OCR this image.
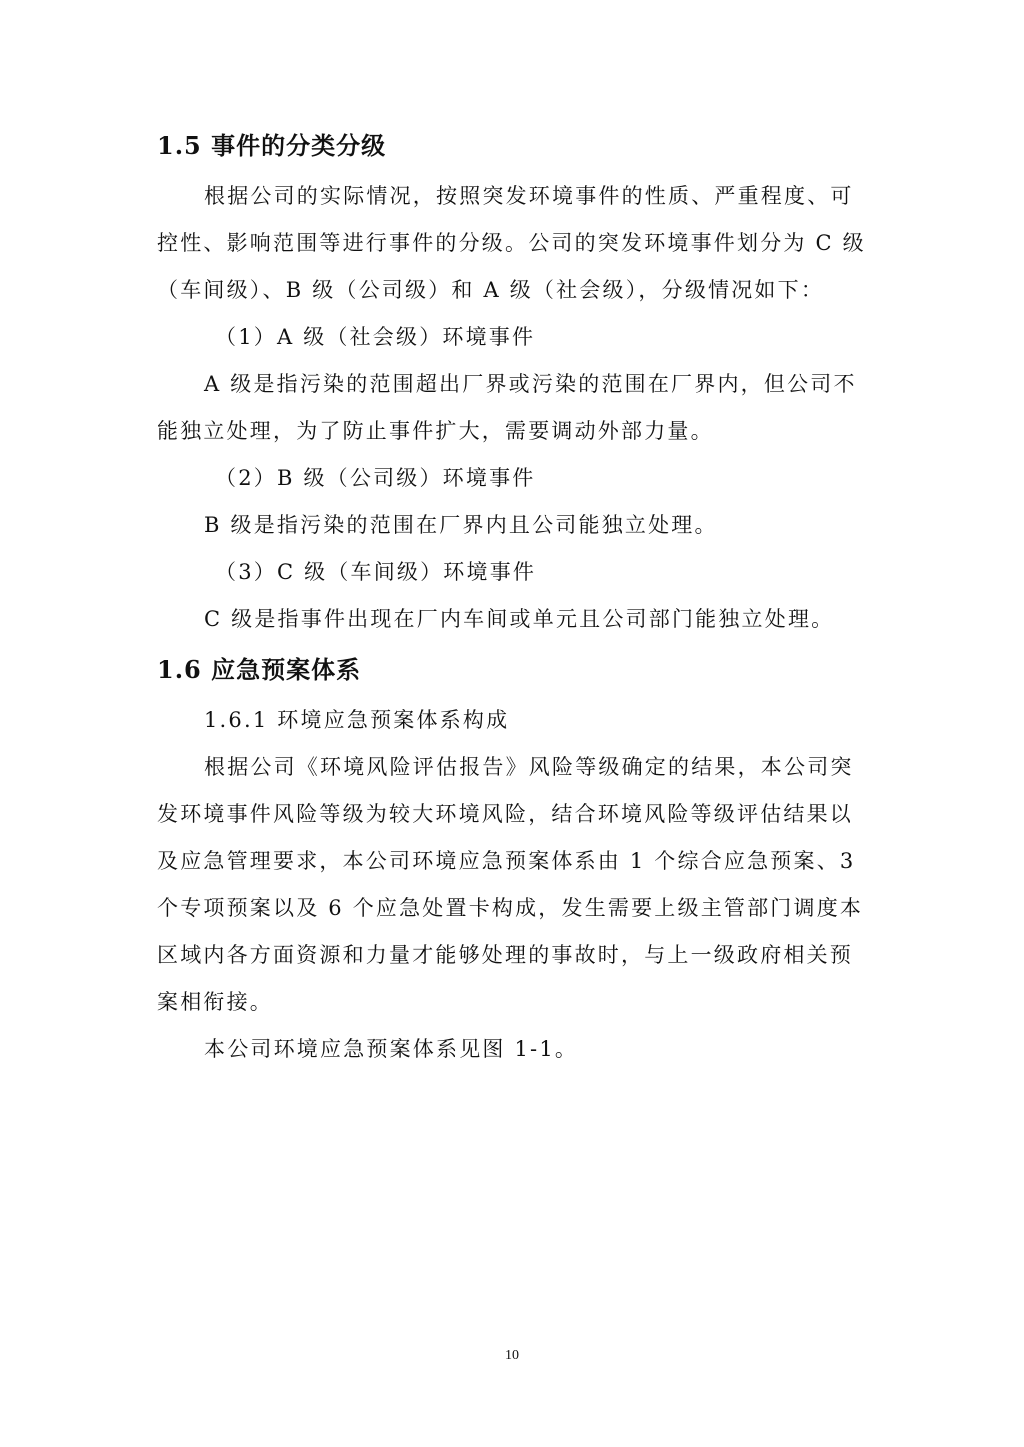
1.5 事件的分类分级
根据公司的实际情况，按照突发环境事件的性质、严重程度、可
控性、影响范围等进行事件的分级。公司的突发环境事件划分为 C 级
（车间级）、B 级（公司级）和 A 级（社会级），分级情况如下：
（1）A 级（社会级）环境事件
A 级是指污染的范围超出厂界或污染的范围在厂界内，但公司不
能独立处理，为了防止事件扩大，需要调动外部力量。
（2）B 级（公司级）环境事件
B 级是指污染的范围在厂界内且公司能独立处理。
（3）C 级（车间级）环境事件
C 级是指事件出现在厂内车间或单元且公司部门能独立处理。
1.6 应急预案体系
1.6.1 环境应急预案体系构成
根据公司《环境风险评估报告》风险等级确定的结果，本公司突
发环境事件风险等级为较大环境风险，结合环境风险等级评估结果以
及应急管理要求，本公司环境应急预案体系由 1 个综合应急预案、3
个专项预案以及 6 个应急处置卡构成，发生需要上级主管部门调度本
区域内各方面资源和力量才能够处理的事故时，与上一级政府相关预
案相衔接。
本公司环境应急预案体系见图 1-1。
10
